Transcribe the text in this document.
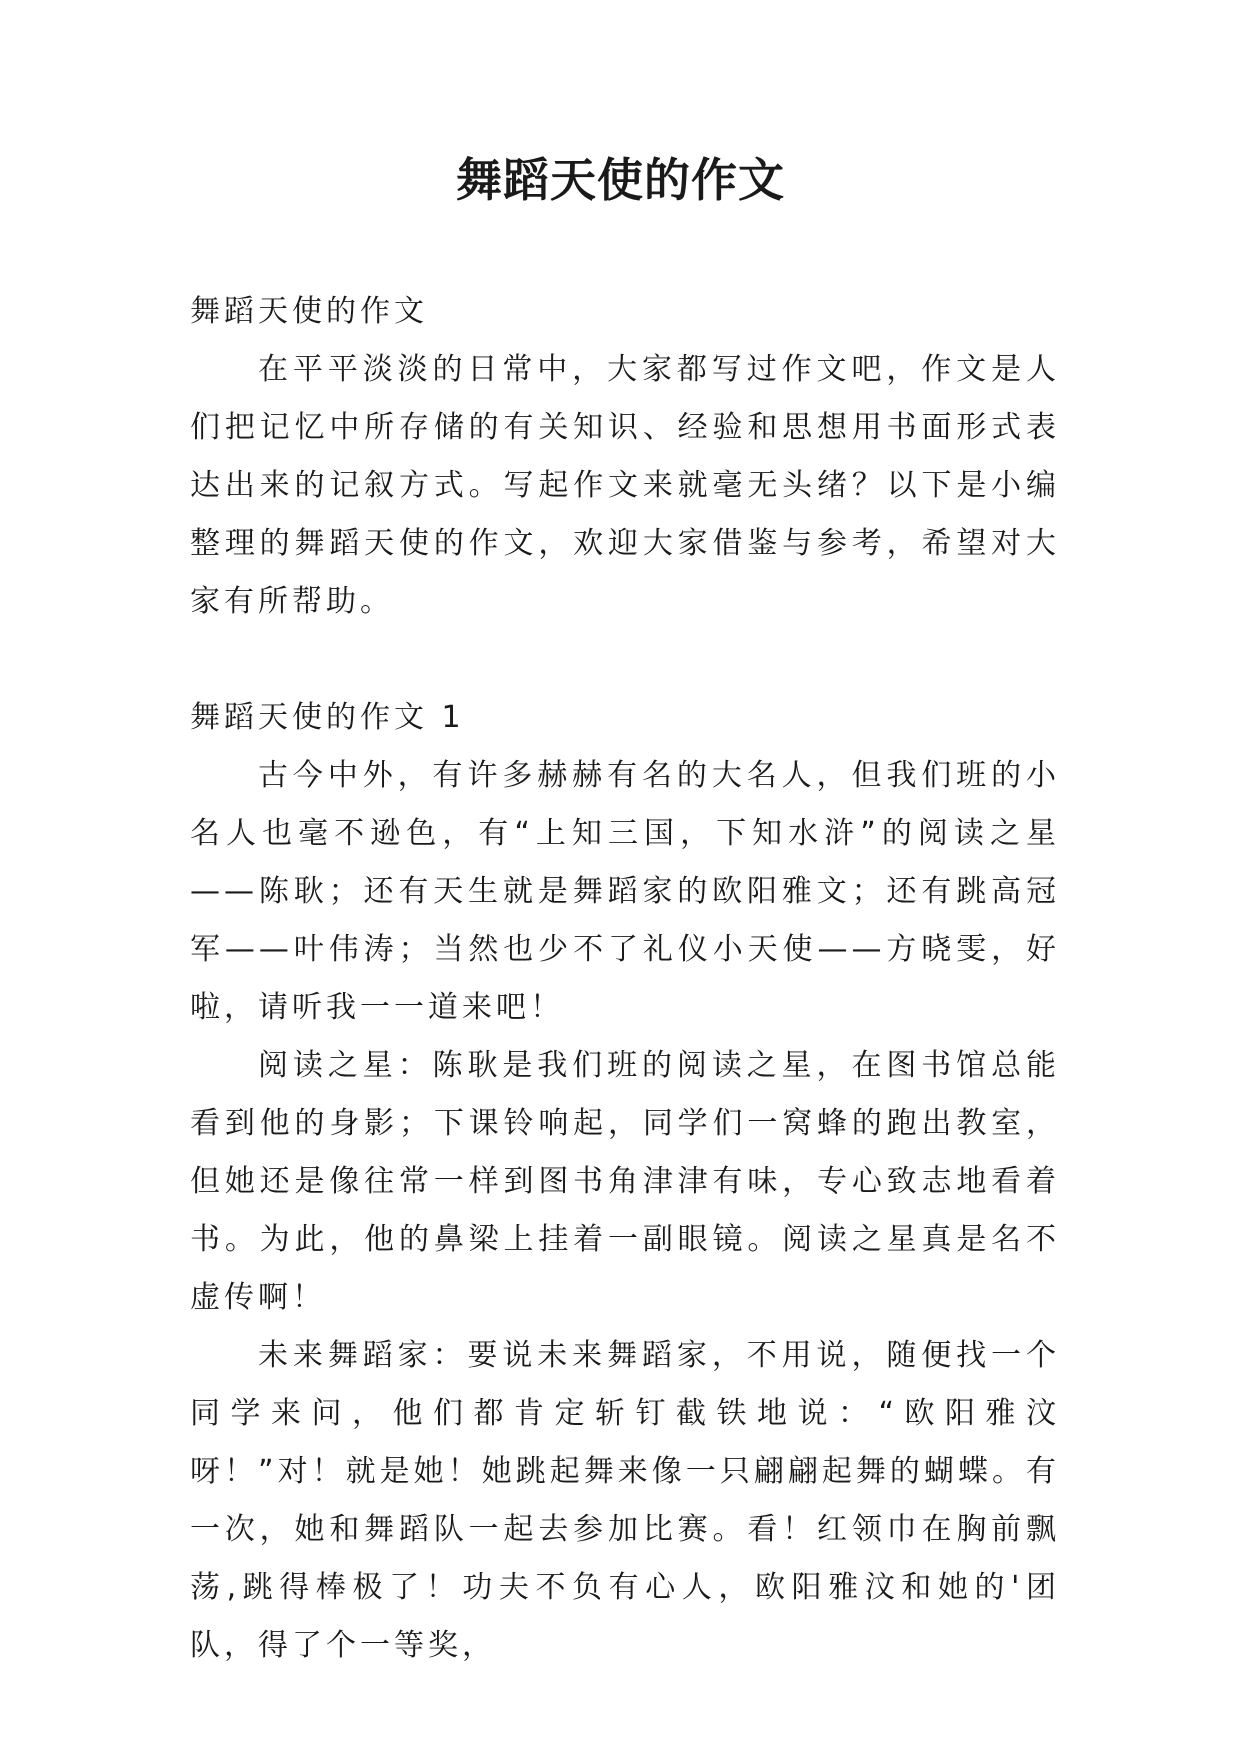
舞蹈天使的作文

舞蹈天使的作文

在平平淡淡的日常中，大家都写过作文吧，作文是人们把记忆中所存储的有关知识、经验和思想用书面形式表达出来的记叙方式。写起作文来就毫无头绪？以下是小编整理的舞蹈天使的作文，欢迎大家借鉴与参考，希望对大家有所帮助。

舞蹈天使的作文 1

古今中外，有许多赫赫有名的大名人，但我们班的小名人也毫不逊色，有“上知三国，下知水浒”的阅读之星——陈耿；还有天生就是舞蹈家的欧阳雅文；还有跳高冠军——叶伟涛；当然也少不了礼仪小天使——方晓雯，好啦，请听我一一道来吧！

阅读之星：陈耿是我们班的阅读之星，在图书馆总能看到他的身影；下课铃响起，同学们一窝蜂的跑出教室，但她还是像往常一样到图书角津津有味，专心致志地看着书。为此，他的鼻梁上挂着一副眼镜。阅读之星真是名不虚传啊！

未来舞蹈家：要说未来舞蹈家，不用说，随便找一个同学来问，他们都肯定斩钉截铁地说：“欧阳雅汶呀！”对！就是她！她跳起舞来像一只翩翩起舞的蝴蝶。有一次，她和舞蹈队一起去参加比赛。看！红领巾在胸前飘荡,跳得棒极了！功夫不负有心人，欧阳雅汶和她的'团队，得了个一等奖，
